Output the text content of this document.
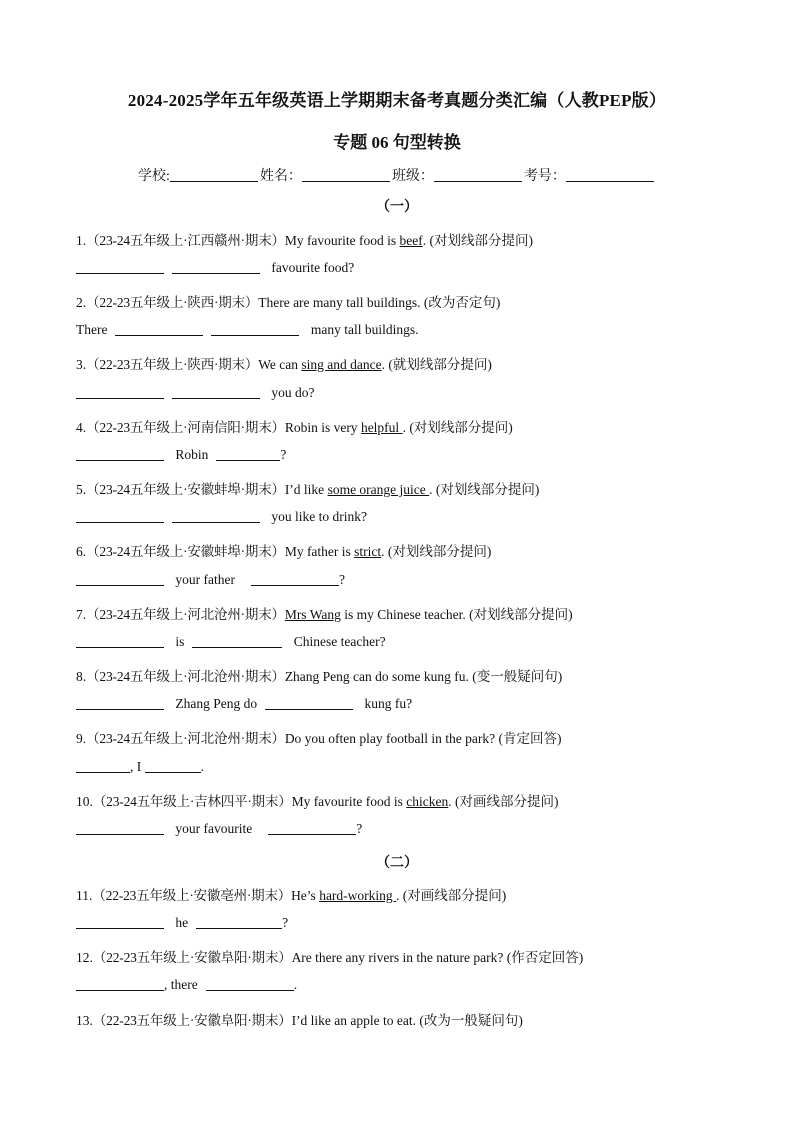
2024-2025学年五年级英语上学期期末备考真题分类汇编（人教PEP版）
专题 06 句型转换
学校:	姓名：	班级：	考号：
（一）
1.（23-24五年级上·江西赣州·期末）My favourite food is beef. (对划线部分提问)
favourite food?
2.（22-23五年级上·陕西·期末）There are many tall buildings. (改为否定句)
There	many tall buildings.
3.（22-23五年级上·陕西·期末）We can sing and dance. (就划线部分提问)
you do?
4.（22-23五年级上·河南信阳·期末）Robin is very helpful . (对划线部分提问)
Robin	?
5.（23-24五年级上·安徽蚌埠·期末）I’d like some orange juice . (对划线部分提问)
you like to drink?
6.（23-24五年级上·安徽蚌埠·期末）My father is strict. (对划线部分提问)
your father	?
7.（23-24五年级上·河北沧州·期末）Mrs Wang is my Chinese teacher. (对划线部分提问)
is	Chinese teacher?
8.（23-24五年级上·河北沧州·期末）Zhang Peng can do some kung fu. (变一般疑问句)
Zhang Peng do	kung fu?
9.（23-24五年级上·河北沧州·期末）Do you often play football in the park? (肯定回答)
, I	.
10.（23-24五年级上·吉林四平·期末）My favourite food is chicken. (对画线部分提问)
your favourite	?
（二）
11.（22-23五年级上·安徽亳州·期末）He’s hard-working . (对画线部分提问)
he	?
12.（22-23五年级上·安徽阜阳·期末）Are there any rivers in the nature park? (作否定回答)
, there	.
13.（22-23五年级上·安徽阜阳·期末）I’d like an apple to eat. (改为一般疑问句)
